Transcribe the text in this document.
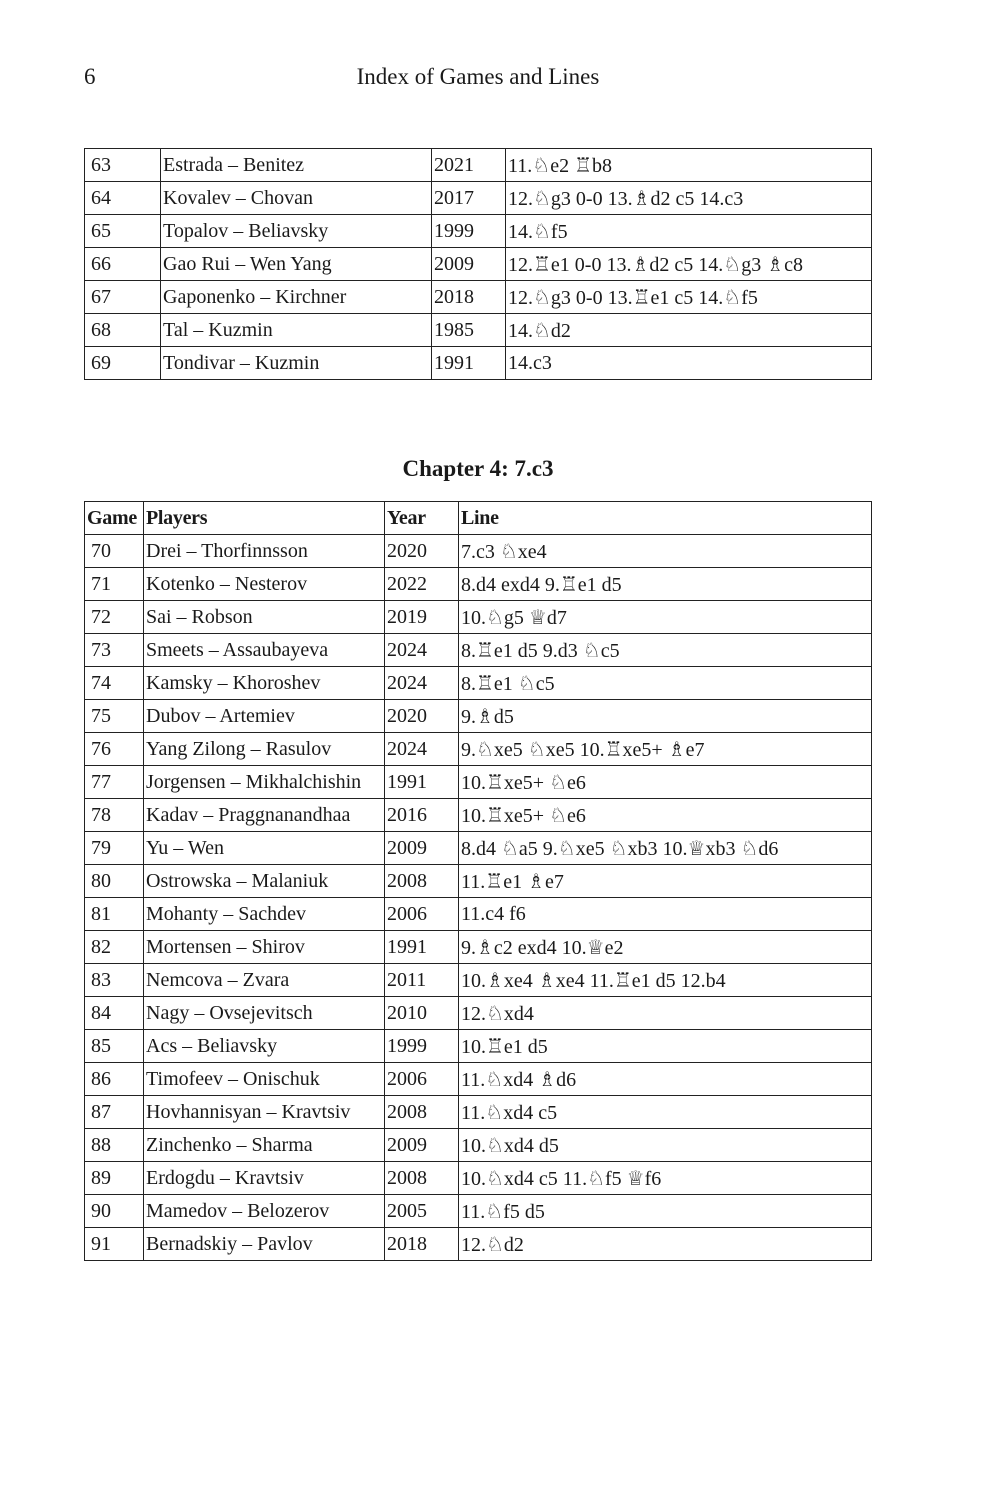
6	Index of Games and Lines
63	Estrada – Benitez	2021	11.♘e2 ♖b8
64	Kovalev – Chovan	2017	12.♘g3 0-0 13.♗d2 c5 14.c3
65	Topalov – Beliavsky	1999	14.♘f5
66	Gao Rui – Wen Yang	2009	12.♖e1 0-0 13.♗d2 c5 14.♘g3 ♗c8
67	Gaponenko – Kirchner	2018	12.♘g3 0-0 13.♖e1 c5 14.♘f5
68	Tal – Kuzmin	1985	14.♘d2
69	Tondivar – Kuzmin	1991	14.c3
Chapter 4: 7.c3
Game	Players	Year	Line
70	Drei – Thorfinnsson	2020	7.c3 ♘xe4
71	Kotenko – Nesterov	2022	8.d4 exd4 9.♖e1 d5
72	Sai – Robson	2019	10.♘g5 ♕d7
73	Smeets – Assaubayeva	2024	8.♖e1 d5 9.d3 ♘c5
74	Kamsky – Khoroshev	2024	8.♖e1 ♘c5
75	Dubov – Artemiev	2020	9.♗d5
76	Yang Zilong – Rasulov	2024	9.♘xe5 ♘xe5 10.♖xe5+ ♗e7
77	Jorgensen – Mikhalchishin	1991	10.♖xe5+ ♘e6
78	Kadav – Praggnanandhaa	2016	10.♖xe5+ ♘e6
79	Yu – Wen	2009	8.d4 ♘a5 9.♘xe5 ♘xb3 10.♕xb3 ♘d6
80	Ostrowska – Malaniuk	2008	11.♖e1 ♗e7
81	Mohanty – Sachdev	2006	11.c4 f6
82	Mortensen – Shirov	1991	9.♗c2 exd4 10.♕e2
83	Nemcova – Zvara	2011	10.♗xe4 ♗xe4 11.♖e1 d5 12.b4
84	Nagy – Ovsejevitsch	2010	12.♘xd4
85	Acs – Beliavsky	1999	10.♖e1 d5
86	Timofeev – Onischuk	2006	11.♘xd4 ♗d6
87	Hovhannisyan – Kravtsiv	2008	11.♘xd4 c5
88	Zinchenko – Sharma	2009	10.♘xd4 d5
89	Erdogdu – Kravtsiv	2008	10.♘xd4 c5 11.♘f5 ♕f6
90	Mamedov – Belozerov	2005	11.♘f5 d5
91	Bernadskiy – Pavlov	2018	12.♘d2
